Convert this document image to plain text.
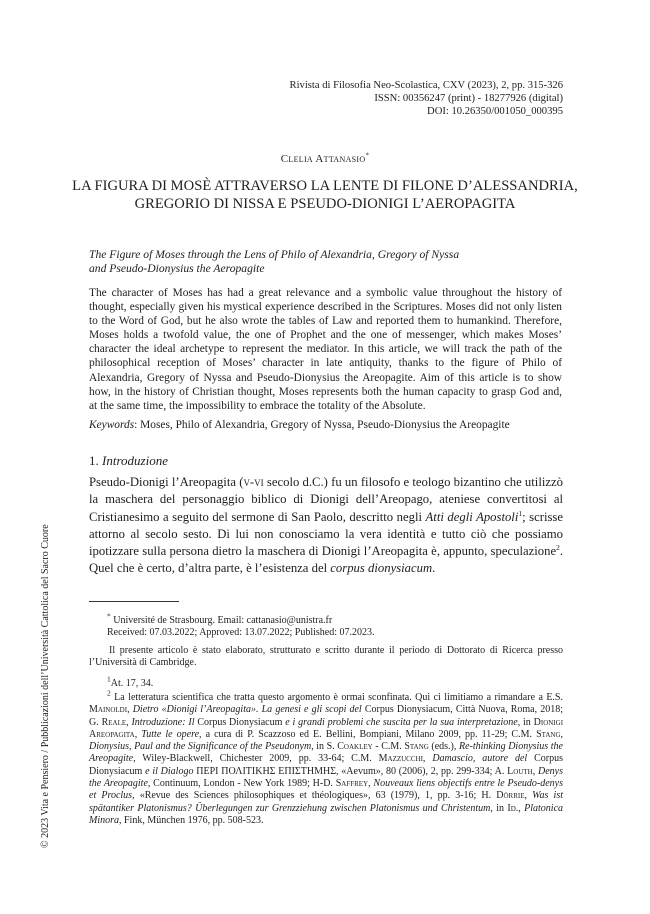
Rivista di Filosofia Neo-Scolastica, CXV (2023), 2, pp. 315-326
ISSN: 00356247 (print) - 18277926 (digital)
DOI: 10.26350/001050_000395
Clelia Attanasio*
LA FIGURA DI MOSÈ ATTRAVERSO LA LENTE DI FILONE D’ALESSANDRIA,
GREGORIO DI NISSA E PSEUDO-DIONIGI L’AEROPAGITA
The Figure of Moses through the Lens of Philo of Alexandria, Gregory of Nyssa
and Pseudo-Dionysius the Aeropagite
The character of Moses has had a great relevance and a symbolic value throughout the history of thought, especially given his mystical experience described in the Scriptures. Moses did not only listen to the Word of God, but he also wrote the tables of Law and reported them to humankind. Therefore, Moses holds a twofold value, the one of Prophet and the one of messenger, which makes Moses’ character the ideal archetype to represent the mediator. In this article, we will track the path of the philosophical reception of Moses’ character in late antiquity, thanks to the figure of Philo of Alexandria, Gregory of Nyssa and Pseudo-Dionysius the Areopagite. Aim of this article is to show how, in the history of Christian thought, Moses represents both the human capacity to grasp God and, at the same time, the impossibility to embrace the totality of the Absolute.
Keywords: Moses, Philo of Alexandria, Gregory of Nyssa, Pseudo-Dionysius the Areopagite
1. Introduzione
Pseudo-Dionigi l’Areopagita (v-vi secolo d.C.) fu un filosofo e teologo bizantino che utilizzò la maschera del personaggio biblico di Dionigi dell’Areopago, ateniese convertitosi al Cristianesimo a seguito del sermone di San Paolo, descritto negli Atti degli Apostoli$^1$; scrisse attorno al secolo sesto. Di lui non conosciamo la vera identità e tutto ciò che possiamo ipotizzare sulla persona dietro la maschera di Dionigi l’Areopagita è, appunto, speculazione$^2$. Quel che è certo, d’altra parte, è l’esistenza del corpus dionysiacum.
* Université de Strasbourg. Email: cattanasio@unistra.fr
Received: 07.03.2022; Approved: 13.07.2022; Published: 07.2023.
Il presente articolo è stato elaborato, strutturato e scritto durante il periodo di Dottorato di Ricerca presso l’Università di Cambridge.
$^1$At. 17, 34.
$^2$ La letteratura scientifica che tratta questo argomento è ormai sconfinata. Qui ci limitiamo a rimandare a E.S. Mainoldi, Dietro «Dionigi l’Areopagita». La genesi e gli scopi del Corpus Dionysiacum, Città Nuova, Roma, 2018; G. Reale, Introduzione: Il Corpus Dionysiacum e i grandi problemi che suscita per la sua interpretazione, in Dionigi Areopagita, Tutte le opere, a cura di P. Scazzoso ed E. Bellini, Bompiani, Milano 2009, pp. 11-29; C.M. Stang, Dionysius, Paul and the Significance of the Pseudonym, in S. Coakley - C.M. Stang (eds.), Re-thinking Dionysius the Areopagite, Wiley-Blackwell, Chichester 2009, pp. 33-64; C.M. Mazzucchi, Damascio, autore del Corpus Dionysiacum e il Dialogo ΠΕΡΙ ΠΟΛΙΤΙΚΗΣ ΕΠΙΣΤΗΜΗΣ, «Aevum», 80 (2006), 2, pp. 299-334; A. Louth, Denys the Areopagite, Continuum, London - New York 1989; H-D. Saffrey, Nouveaux liens objectifs entre le Pseudo-denys et Proclus, «Revue des Sciences philosophiques et théologiques», 63 (1979), 1, pp. 3-16; H. Dörrie, Was ist spätantiker Platonismus? Überlegungen zur Grenzziehung zwischen Platonismus und Christentum, in Id., Platonica Minora, Fink, München 1976, pp. 508-523.
© 2023 Vita e Pensiero / Pubblicazioni dell’Università Cattolica del Sacro Cuore
